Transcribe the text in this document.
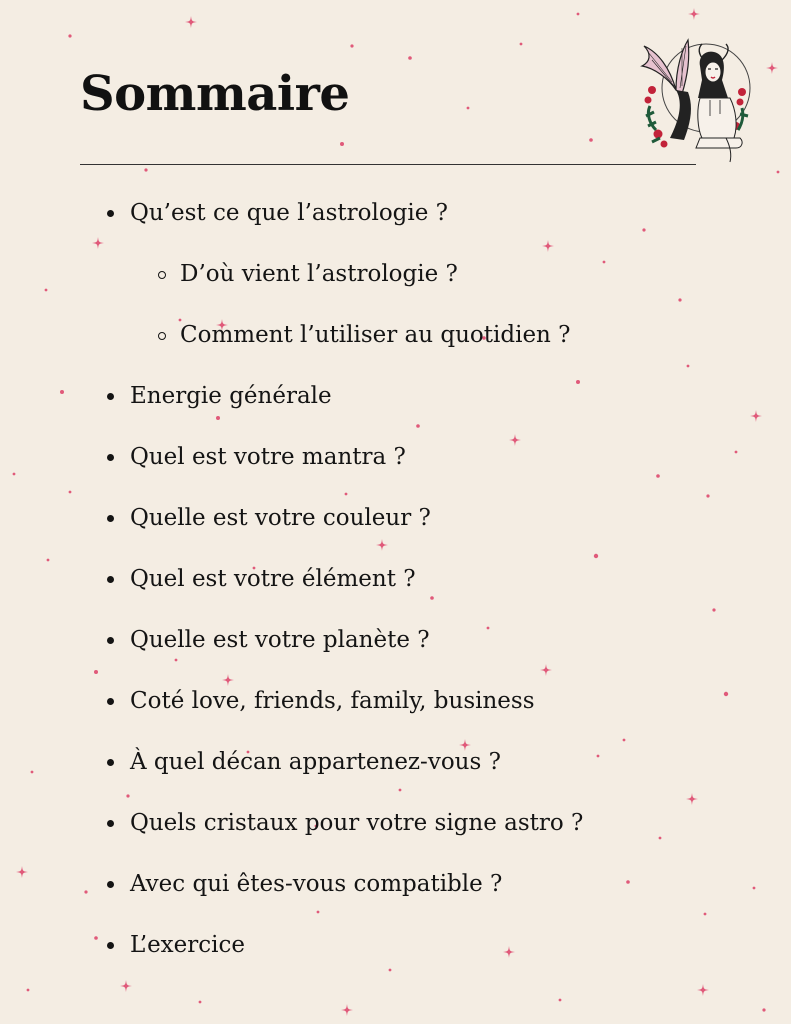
Sommaire
Qu’est ce que l’astrologie ?
D’où vient l’astrologie ?
Comment l’utiliser au quotidien ?
Energie générale
Quel est votre mantra ?
Quelle est votre couleur ?
Quel est votre élément ?
Quelle est votre planète ?
Coté love, friends, family, business
À quel décan appartenez-vous ?
Quels cristaux pour votre signe astro ?
Avec qui êtes-vous compatible ?
L’exercice
